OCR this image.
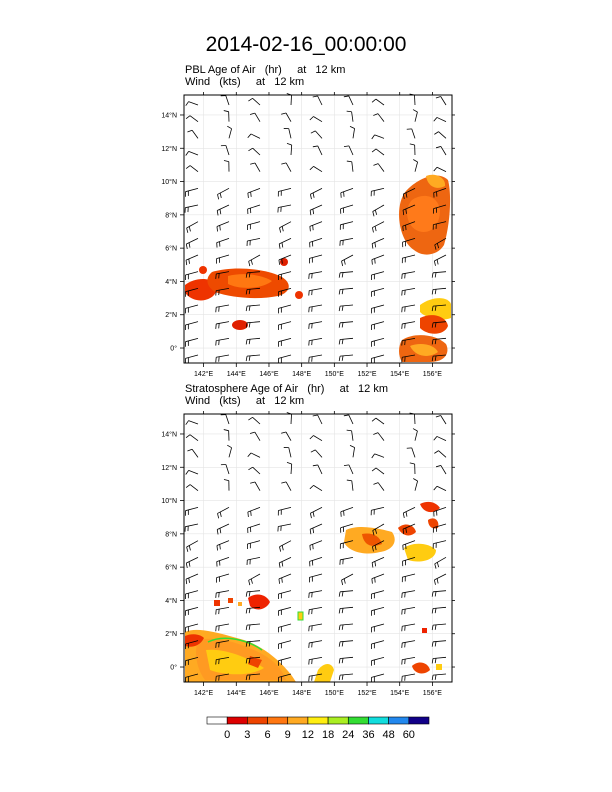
2014-02-16_00:00:00
PBL Age of Air   (hr)     at   12 km
Wind   (kts)     at   12 km
Stratosphere Age of Air   (hr)     at   12 km
Wind   (kts)     at   12 km
142°E 144°E 146°E 148°E 150°E 152°E 154°E 156°E
0°
2°N
4°N
6°N
8°N
10°N
12°N
14°N
142°E 144°E 146°E 148°E 150°E 152°E 154°E 156°E
0°
2°N
4°N
6°N
8°N
10°N
12°N
14°N
0 3 6 9 12 18 24 36 48 60
